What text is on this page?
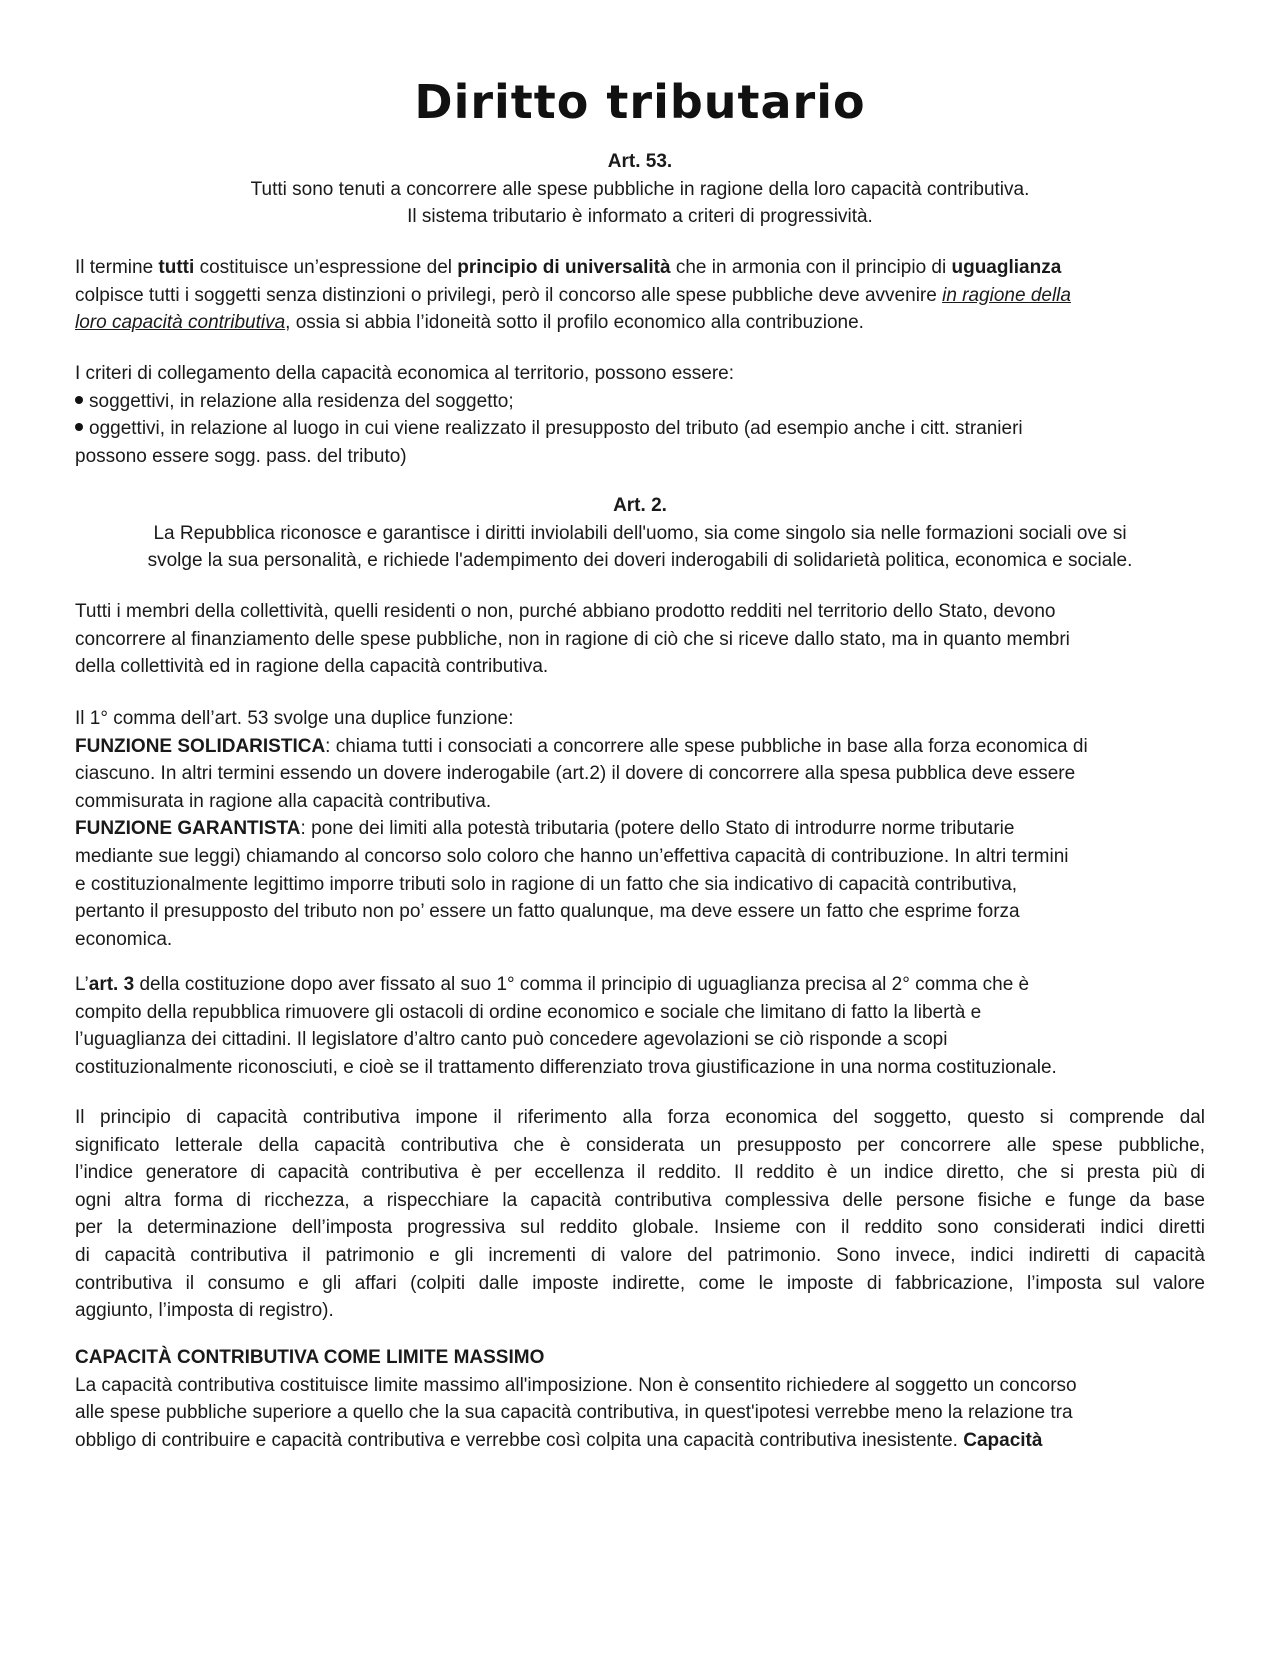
Diritto tributario
Art. 53.
Tutti sono tenuti a concorrere alle spese pubbliche in ragione della loro capacità contributiva.
Il sistema tributario è informato a criteri di progressività.
Il termine tutti costituisce un’espressione del principio di universalità che in armonia con il principio di uguaglianza
colpisce tutti i soggetti senza distinzioni o privilegi, però il concorso alle spese pubbliche deve avvenire in ragione della
loro capacità contributiva, ossia si abbia l’idoneità sotto il profilo economico alla contribuzione.
I criteri di collegamento della capacità economica al territorio, possono essere:
soggettivi, in relazione alla residenza del soggetto;
oggettivi, in relazione al luogo in cui viene realizzato il presupposto del tributo (ad esempio anche i citt. stranieri
possono essere sogg. pass. del tributo)
Art. 2.
La Repubblica riconosce e garantisce i diritti inviolabili dell'uomo, sia come singolo sia nelle formazioni sociali ove si
svolge la sua personalità, e richiede l'adempimento dei doveri inderogabili di solidarietà politica, economica e sociale.
Tutti i membri della collettività, quelli residenti o non, purché abbiano prodotto redditi nel territorio dello Stato, devono
concorrere al finanziamento delle spese pubbliche, non in ragione di ciò che si riceve dallo stato, ma in quanto membri
della collettività ed in ragione della capacità contributiva.
Il 1° comma dell’art. 53 svolge una duplice funzione:
FUNZIONE SOLIDARISTICA: chiama tutti i consociati a concorrere alle spese pubbliche in base alla forza economica di
ciascuno. In altri termini essendo un dovere inderogabile (art.2) il dovere di concorrere alla spesa pubblica deve essere
commisurata in ragione alla capacità contributiva.
FUNZIONE GARANTISTA: pone dei limiti alla potestà tributaria (potere dello Stato di introdurre norme tributarie
mediante sue leggi) chiamando al concorso solo coloro che hanno un’effettiva capacità di contribuzione. In altri termini
e costituzionalmente legittimo imporre tributi solo in ragione di un fatto che sia indicativo di capacità contributiva,
pertanto il presupposto del tributo non po’ essere un fatto qualunque, ma deve essere un fatto che esprime forza
economica.
L’art. 3 della costituzione dopo aver fissato al suo 1° comma il principio di uguaglianza precisa al 2° comma che è
compito della repubblica rimuovere gli ostacoli di ordine economico e sociale che limitano di fatto la libertà e
l’uguaglianza dei cittadini. Il legislatore d’altro canto può concedere agevolazioni se ciò risponde a scopi
costituzionalmente riconosciuti, e cioè se il trattamento differenziato trova giustificazione in una norma costituzionale.
Il principio di capacità contributiva impone il riferimento alla forza economica del soggetto, questo si comprende dal
significato letterale della capacità contributiva che è considerata un presupposto per concorrere alle spese pubbliche,
l’indice generatore di capacità contributiva è per eccellenza il reddito. Il reddito è un indice diretto, che si presta più di
ogni altra forma di ricchezza, a rispecchiare la capacità contributiva complessiva delle persone fisiche e funge da base
per la determinazione dell’imposta progressiva sul reddito globale. Insieme con il reddito sono considerati indici diretti
di capacità contributiva il patrimonio e gli incrementi di valore del patrimonio. Sono invece, indici indiretti di capacità
contributiva il consumo e gli affari (colpiti dalle imposte indirette, come le imposte di fabbricazione, l’imposta sul valore
aggiunto, l’imposta di registro).
CAPACITÀ CONTRIBUTIVA COME LIMITE MASSIMO
La capacità contributiva costituisce limite massimo all'imposizione. Non è consentito richiedere al soggetto un concorso
alle spese pubbliche superiore a quello che la sua capacità contributiva, in quest'ipotesi verrebbe meno la relazione tra
obbligo di contribuire e capacità contributiva e verrebbe così colpita una capacità contributiva inesistente. Capacità
